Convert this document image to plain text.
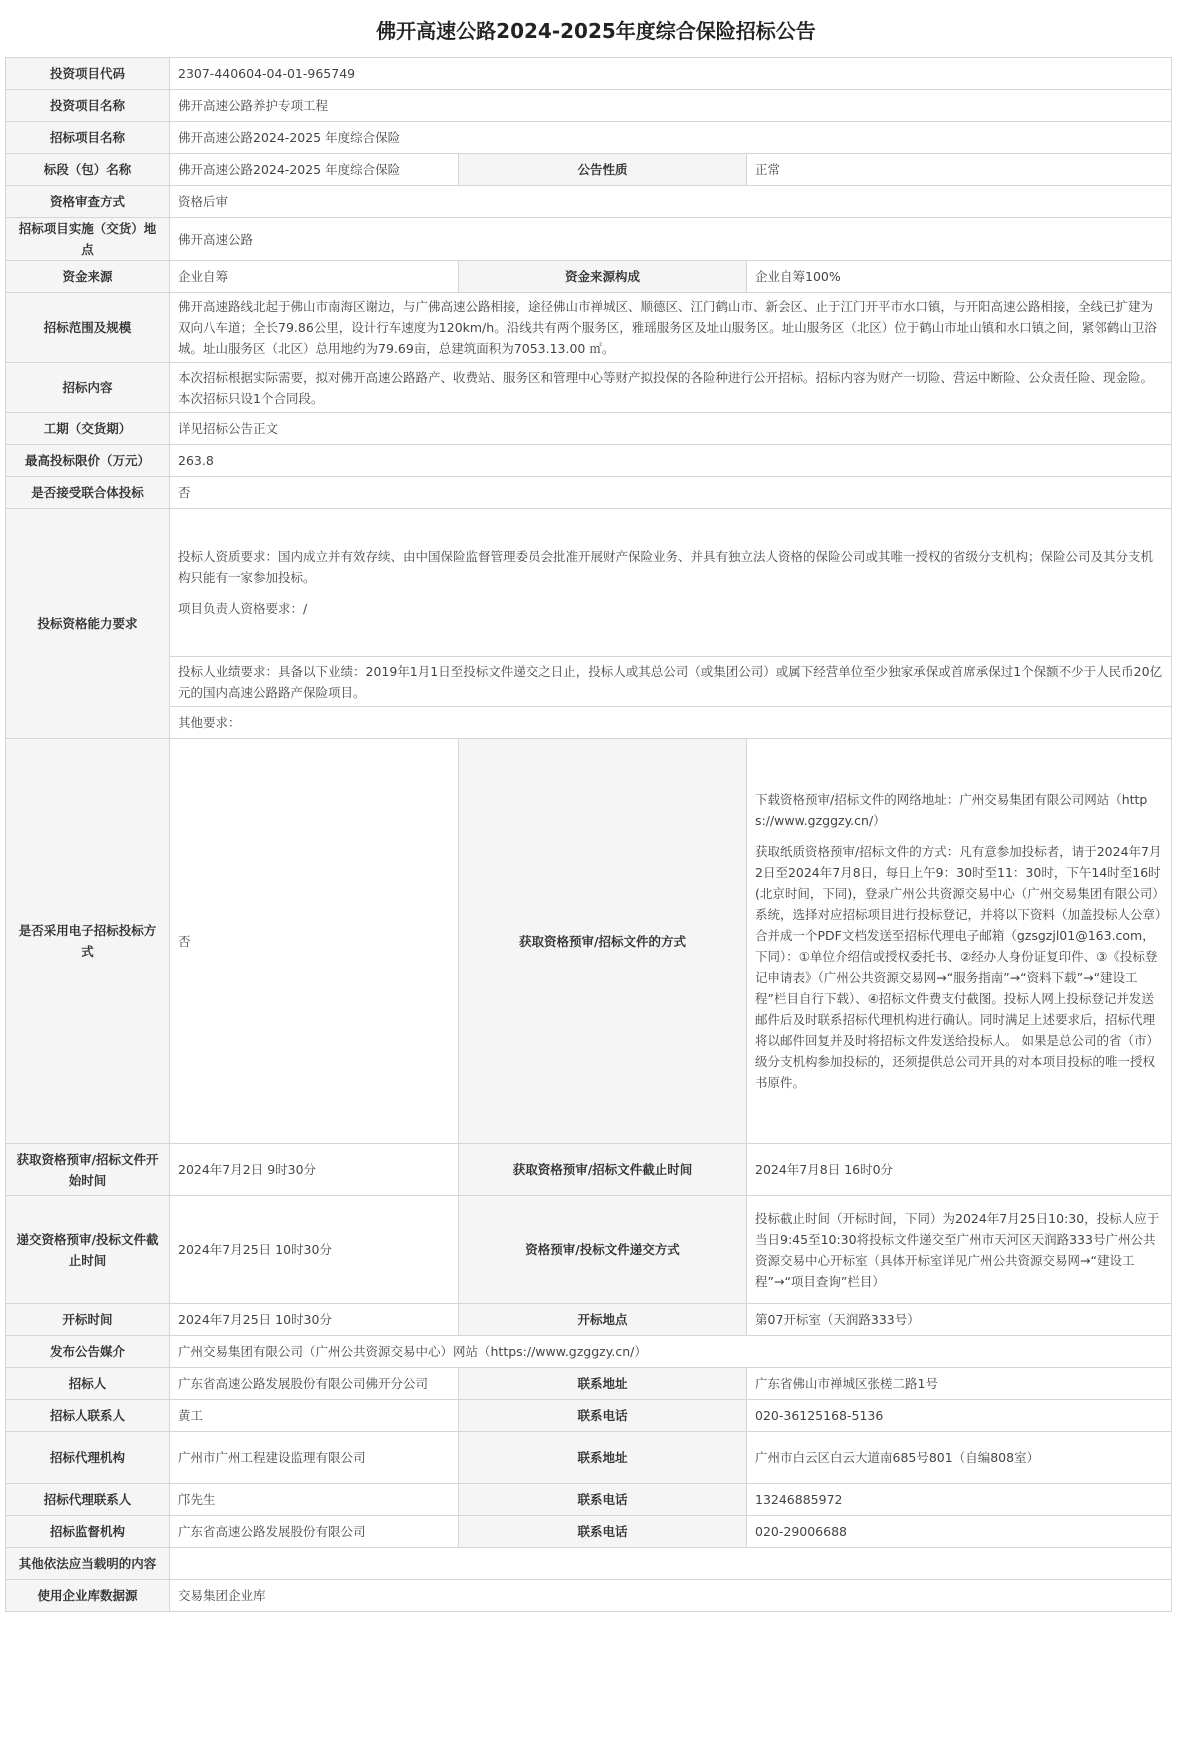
佛开高速公路2024-2025年度综合保险招标公告
投资项目代码	2307-440604-04-01-965749		
投资项目名称	佛开高速公路养护专项工程		
招标项目名称	佛开高速公路2024-2025 年度综合保险		
标段（包）名称	佛开高速公路2024-2025 年度综合保险	公告性质	正常
资格审查方式	资格后审		
招标项目实施（交货）地点	佛开高速公路		
资金来源	企业自筹	资金来源构成	企业自筹100%
招标范围及规模	佛开高速路线北起于佛山市南海区谢边，与广佛高速公路相接，途径佛山市禅城区、顺德区、江门鹤山市、新会区、止于江门开平市水口镇，与开阳高速公路相接，全线已扩建为双向八车道；全长79.86公里，设计行车速度为120km/h。沿线共有两个服务区，雅瑶服务区及址山服务区。址山服务区（北区）位于鹤山市址山镇和水口镇之间，紧邻鹤山卫浴城。址山服务区（北区）总用地约为79.69亩，总建筑面积为7053.13.00 ㎡。		
招标内容	本次招标根据实际需要，拟对佛开高速公路路产、收费站、服务区和管理中心等财产拟投保的各险种进行公开招标。招标内容为财产一切险、营运中断险、公众责任险、现金险。本次招标只设1个合同段。		
工期（交货期）	详见招标公告正文		
最高投标限价（万元）	263.8		
是否接受联合体投标	否		
投标资格能力要求	投标人资质要求：国内成立并有效存续、由中国保险监督管理委员会批准开展财产保险业务、并具有独立法人资格的保险公司或其唯一授权的省级分支机构；保险公司及其分支机构只能有一家参加投标。
项目负责人资格要求：/		

	投标人业绩要求：具备以下业绩：2019年1月1日至投标文件递交之日止，投标人或其总公司（或集团公司）或属下经营单位至少独家承保或首席承保过1个保额不少于人民币20亿元的国内高速公路路产保险项目。		
	其他要求：		
是否采用电子招标投标方式	否	获取资格预审/招标文件的方式	下载资格预审/招标文件的网络地址：广州交易集团有限公司网站（https://www.gzggzy.cn/）
获取纸质资格预审/招标文件的方式：凡有意参加投标者，请于2024年7月2日至2024年7月8日，每日上午9：30时至11：30时，下午14时至16时(北京时间，下同)，登录广州公共资源交易中心（广州交易集团有限公司）系统，选择对应招标项目进行投标登记，并将以下资料（加盖投标人公章）合并成一个PDF文档发送至招标代理电子邮箱（gzsgzjl01@163.com，下同）：①单位介绍信或授权委托书、②经办人身份证复印件、③《投标登记申请表》（广州公共资源交易网→“服务指南”→“资料下载”→“建设工程”栏目自行下载）、④招标文件费支付截图。投标人网上投标登记并发送邮件后及时联系招标代理机构进行确认。同时满足上述要求后，招标代理将以邮件回复并及时将招标文件发送给投标人。 如果是总公司的省（市）级分支机构参加投标的，还须提供总公司开具的对本项目投标的唯一授权书原件。

获取资格预审/招标文件开始时间	2024年7月2日 9时30分	获取资格预审/招标文件截止时间	2024年7月8日 16时0分
递交资格预审/投标文件截止时间	2024年7月25日 10时30分	资格预审/投标文件递交方式	投标截止时间（开标时间，下同）为2024年7月25日10:30，投标人应于当日9:45至10:30将投标文件递交至广州市天河区天润路333号广州公共资源交易中心开标室（具体开标室详见广州公共资源交易网→“建设工程”→“项目查询”栏目）
开标时间	2024年7月25日 10时30分	开标地点	第07开标室（天润路333号）
发布公告媒介	广州交易集团有限公司（广州公共资源交易中心）网站（https://www.gzggzy.cn/）		
招标人	广东省高速公路发展股份有限公司佛开分公司	联系地址	广东省佛山市禅城区张槎二路1号
招标人联系人	黄工	联系电话	020-36125168-5136
招标代理机构	广州市广州工程建设监理有限公司	联系地址	广州市白云区白云大道南685号801（自编808室）
招标代理联系人	邝先生	联系电话	13246885972
招标监督机构	广东省高速公路发展股份有限公司	联系电话	020-29006688
其他依法应当载明的内容			
使用企业库数据源	交易集团企业库		
